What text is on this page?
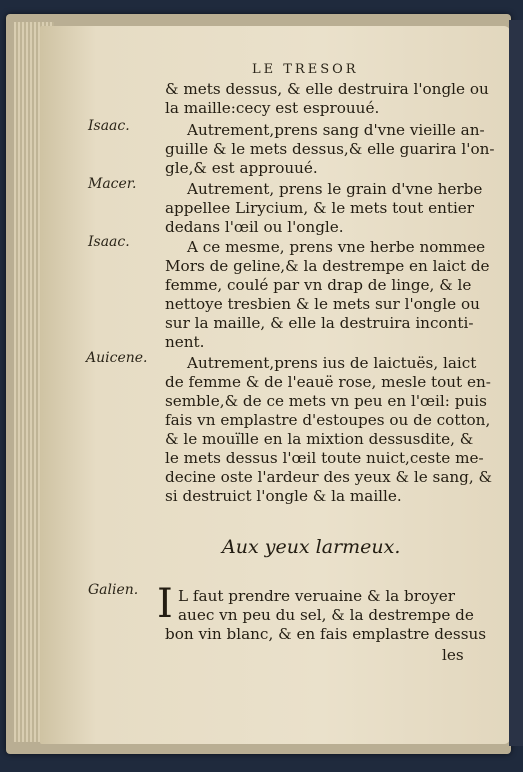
LE TRESOR
Isaac.
Macer.
Isaac.
Auicene.
Galien.
& mets dessus, & elle destruira l'ongle ou
la maille:cecy est esprouué.
Autrement,prens sang d'vne vieille an-
guille & le mets dessus,& elle guarira l'on-
gle,& est approuué.
Autrement, prens le grain d'vne herbe
appellee Lirycium, & le mets tout entier
dedans l'œil ou l'ongle.
A ce mesme, prens vne herbe nommee
Mors de geline,& la destrempe en laict de
femme, coulé par vn drap de linge, & le
nettoye tresbien & le mets sur l'ongle ou
sur la maille, & elle la destruira inconti-
nent.
Autrement,prens ius de laictuës, laict
de femme & de l'eauë rose, mesle tout en-
semble,& de ce mets vn peu en l'œil: puis
fais vn emplastre d'estoupes ou de cotton,
& le mouïlle en la mixtion dessusdite, &
le mets dessus l'œil toute nuict,ceste me-
decine oste l'ardeur des yeux & le sang, &
si destruict l'ongle & la maille.
Aux yeux larmeux.
I L faut prendre veruaine & la broyer
auec vn peu du sel, & la destrempe de
bon vin blanc, & en fais emplastre dessus
les
